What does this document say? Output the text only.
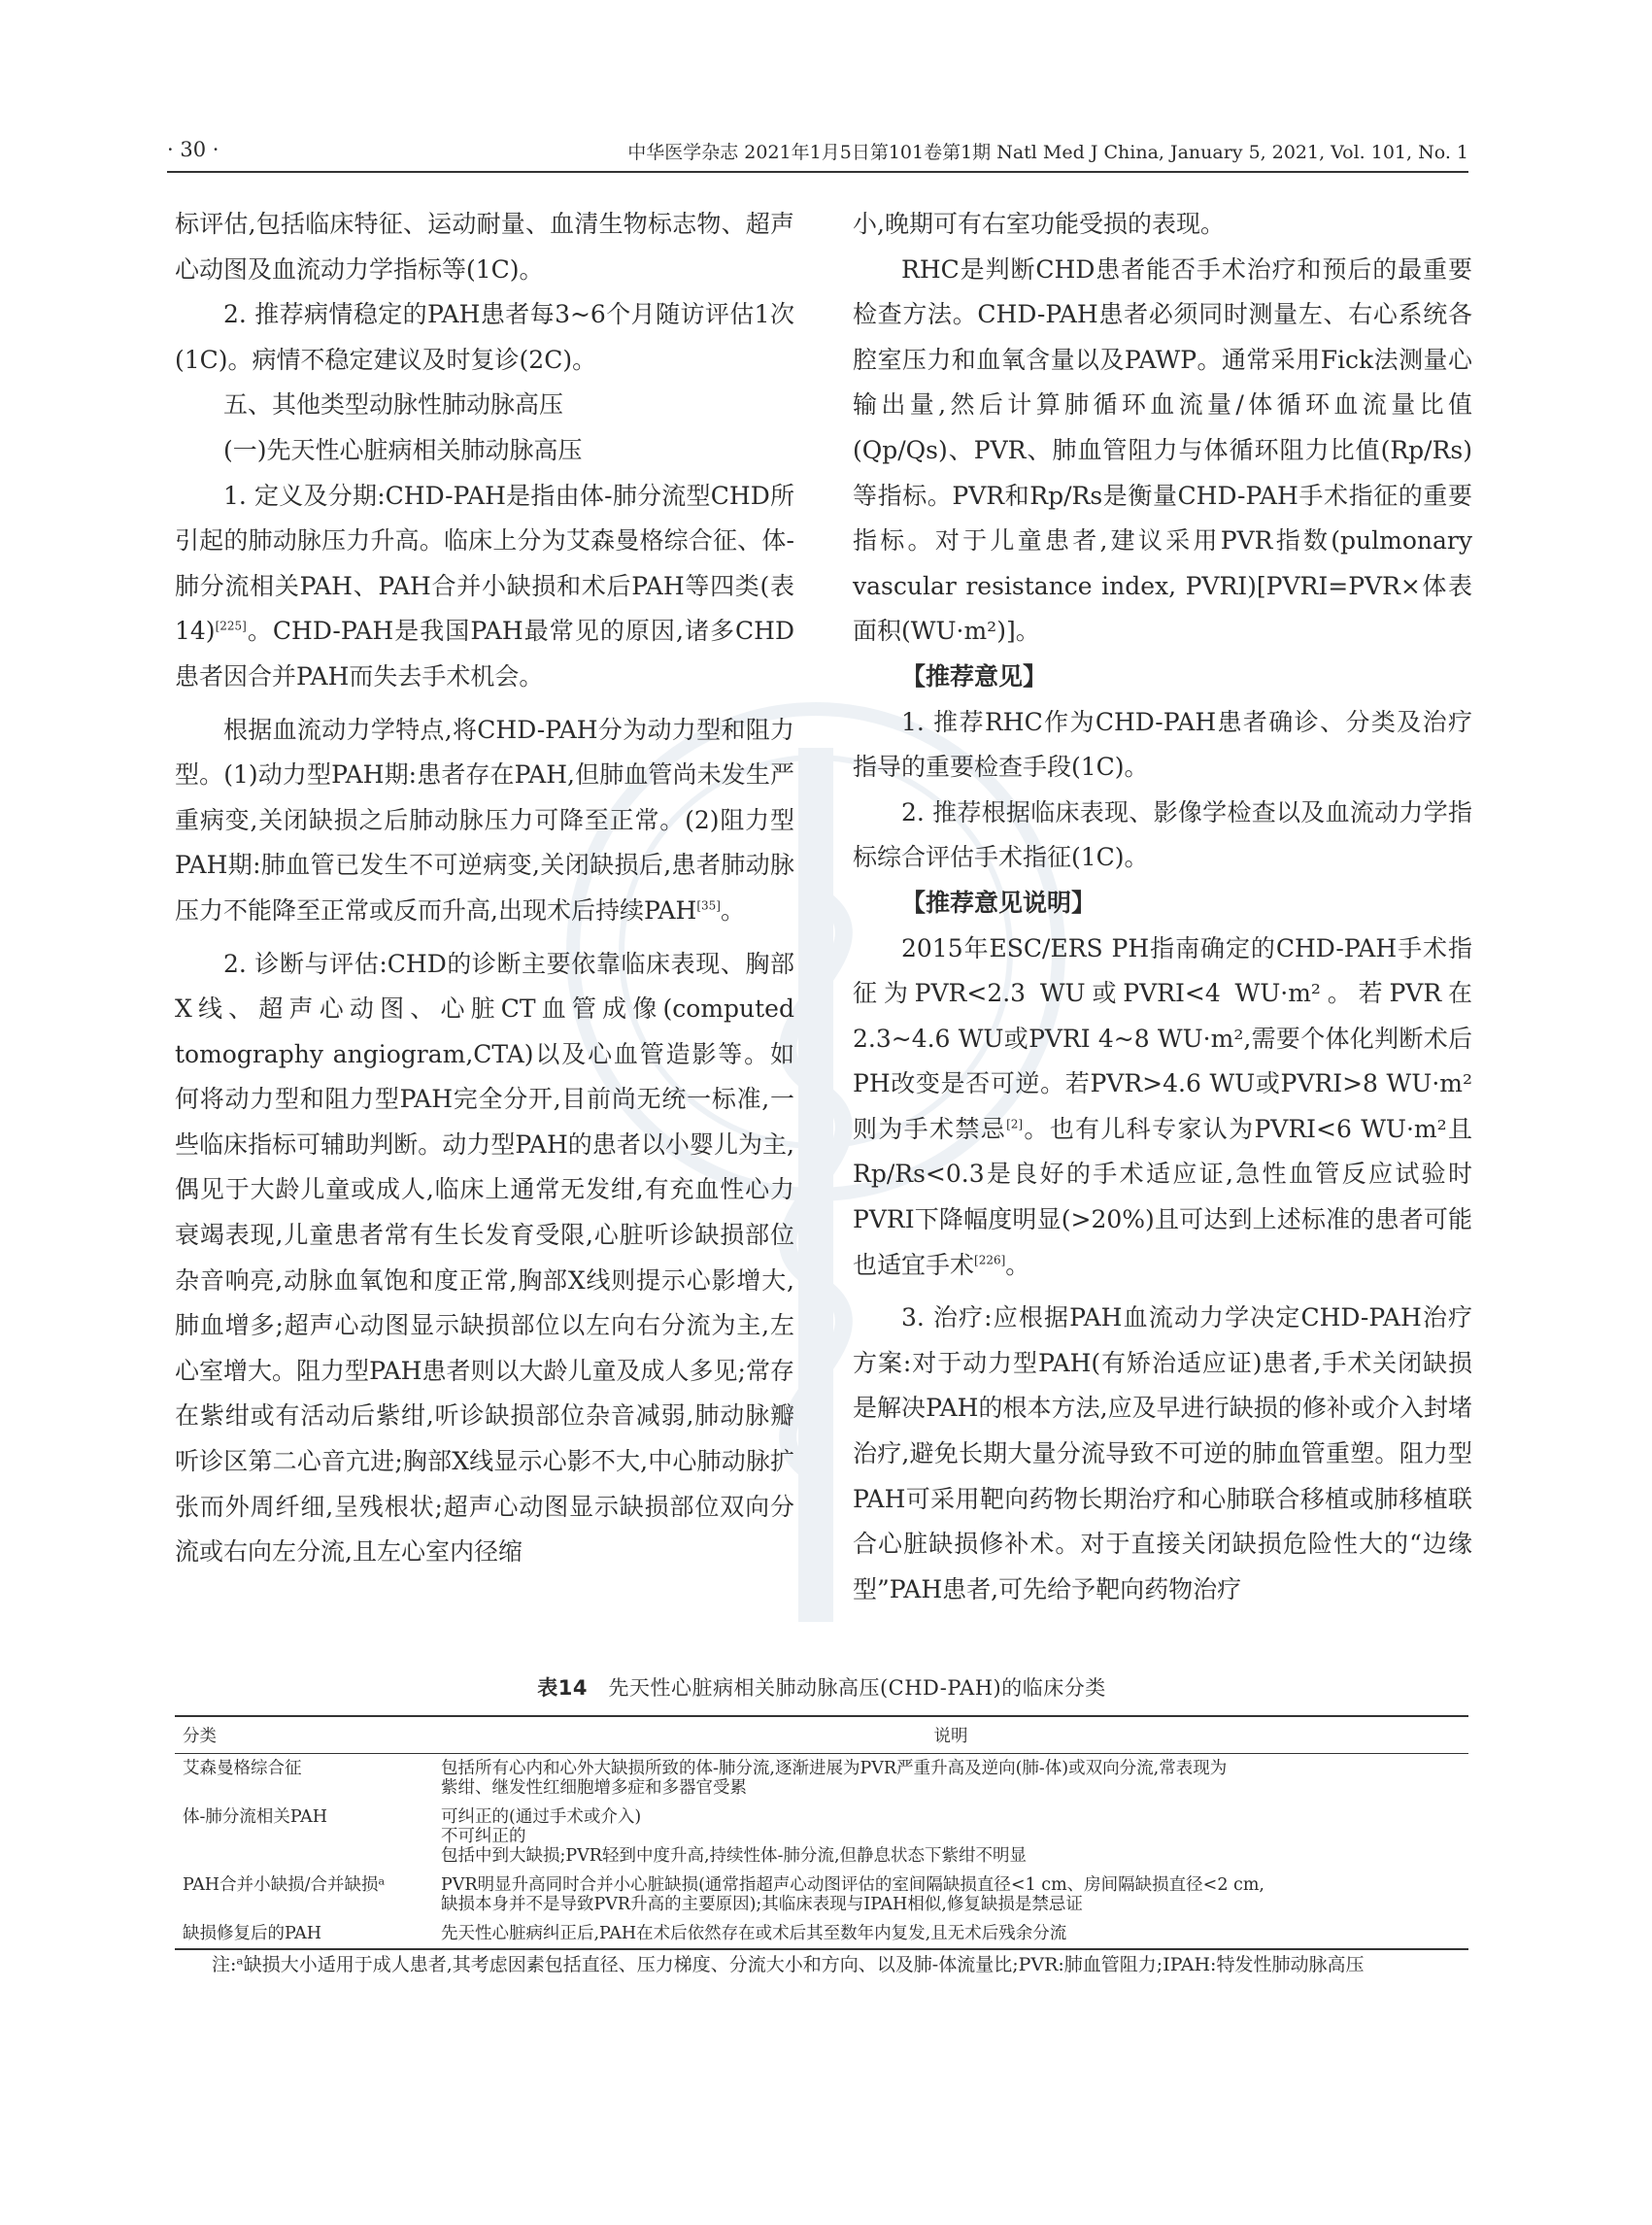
· 30 ·	中华医学杂志 2021年1月5日第101卷第1期 Natl Med J China, January 5, 2021, Vol. 101, No. 1

标评估,包括临床特征、运动耐量、血清生物标志物、超声心动图及血流动力学指标等(1C)。

2. 推荐病情稳定的PAH患者每3~6个月随访评估1次(1C)。病情不稳定建议及时复诊(2C)。

五、其他类型动脉性肺动脉高压

(一)先天性心脏病相关肺动脉高压

1. 定义及分期:CHD-PAH是指由体-肺分流型CHD所引起的肺动脉压力升高。临床上分为艾森曼格综合征、体-肺分流相关PAH、PAH合并小缺损和术后PAH等四类(表14)[225]。CHD-PAH是我国PAH最常见的原因,诸多CHD患者因合并PAH而失去手术机会。

根据血流动力学特点,将CHD-PAH分为动力型和阻力型。(1)动力型PAH期:患者存在PAH,但肺血管尚未发生严重病变,关闭缺损之后肺动脉压力可降至正常。(2)阻力型PAH期:肺血管已发生不可逆病变,关闭缺损后,患者肺动脉压力不能降至正常或反而升高,出现术后持续PAH[35]。

2. 诊断与评估:CHD的诊断主要依靠临床表现、胸部X线、超声心动图、心脏CT血管成像(computed tomography angiogram,CTA)以及心血管造影等。如何将动力型和阻力型PAH完全分开,目前尚无统一标准,一些临床指标可辅助判断。动力型PAH的患者以小婴儿为主,偶见于大龄儿童或成人,临床上通常无发绀,有充血性心力衰竭表现,儿童患者常有生长发育受限,心脏听诊缺损部位杂音响亮,动脉血氧饱和度正常,胸部X线则提示心影增大,肺血增多;超声心动图显示缺损部位以左向右分流为主,左心室增大。阻力型PAH患者则以大龄儿童及成人多见;常存在紫绀或有活动后紫绀,听诊缺损部位杂音减弱,肺动脉瓣听诊区第二心音亢进;胸部X线显示心影不大,中心肺动脉扩张而外周纤细,呈残根状;超声心动图显示缺损部位双向分流或右向左分流,且左心室内径缩

小,晚期可有右室功能受损的表现。

RHC是判断CHD患者能否手术治疗和预后的最重要检查方法。CHD-PAH患者必须同时测量左、右心系统各腔室压力和血氧含量以及PAWP。通常采用Fick法测量心输出量,然后计算肺循环血流量/体循环血流量比值(Qp/Qs)、PVR、肺血管阻力与体循环阻力比值(Rp/Rs)等指标。PVR和Rp/Rs是衡量CHD-PAH手术指征的重要指标。对于儿童患者,建议采用PVR指数(pulmonary vascular resistance index, PVRI)[PVRI=PVR×体表面积(WU·m²)]。

【推荐意见】

1. 推荐RHC作为CHD-PAH患者确诊、分类及治疗指导的重要检查手段(1C)。

2. 推荐根据临床表现、影像学检查以及血流动力学指标综合评估手术指征(1C)。

【推荐意见说明】

2015年ESC/ERS PH指南确定的CHD-PAH手术指征为PVR<2.3 WU或PVRI<4 WU·m²。若PVR在2.3~4.6 WU或PVRI 4~8 WU·m²,需要个体化判断术后PH改变是否可逆。若PVR>4.6 WU或PVRI>8 WU·m²则为手术禁忌[2]。也有儿科专家认为PVRI<6 WU·m²且Rp/Rs<0.3是良好的手术适应证,急性血管反应试验时PVRI下降幅度明显(>20%)且可达到上述标准的患者可能也适宜手术[226]。

3. 治疗:应根据PAH血流动力学决定CHD-PAH治疗方案:对于动力型PAH(有矫治适应证)患者,手术关闭缺损是解决PAH的根本方法,应及早进行缺损的修补或介入封堵治疗,避免长期大量分流导致不可逆的肺血管重塑。阻力型PAH可采用靶向药物长期治疗和心肺联合移植或肺移植联合心脏缺损修补术。对于直接关闭缺损危险性大的“边缘型”PAH患者,可先给予靶向药物治疗

表14 先天性心脏病相关肺动脉高压(CHD-PAH)的临床分类
分类	说明
艾森曼格综合征	包括所有心内和心外大缺损所致的体-肺分流,逐渐进展为PVR严重升高及逆向(肺-体)或双向分流,常表现为
紫绀、继发性红细胞增多症和多器官受累

体-肺分流相关PAH	可纠正的(通过手术或介入)
不可纠正的
包括中到大缺损;PVR轻到中度升高,持续性体-肺分流,但静息状态下紫绀不明显

PAH合并小缺损/合并缺损ᵃ	PVR明显升高同时合并小心脏缺损(通常指超声心动图评估的室间隔缺损直径<1 cm、房间隔缺损直径<2 cm,
缺损本身并不是导致PVR升高的主要原因);其临床表现与IPAH相似,修复缺损是禁忌证

缺损修复后的PAH	先天性心脏病纠正后,PAH在术后依然存在或术后其至数年内复发,且无术后残余分流
注:ᵃ缺损大小适用于成人患者,其考虑因素包括直径、压力梯度、分流大小和方向、以及肺-体流量比;PVR:肺血管阻力;IPAH:特发性肺动脉高压
